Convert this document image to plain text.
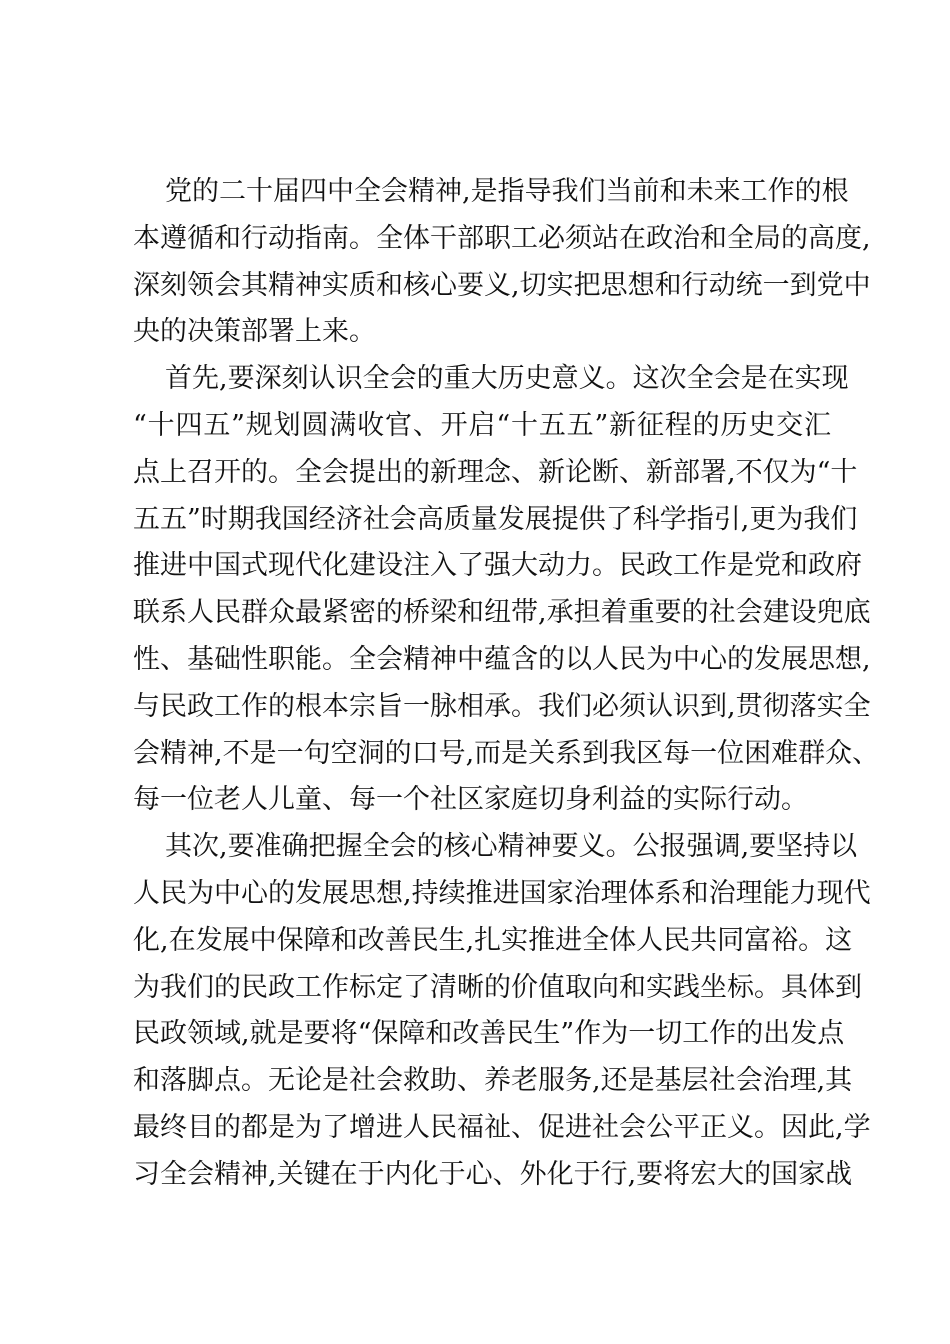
党的二十届四中全会精神,是指导我们当前和未来工作的根
本遵循和行动指南。全体干部职工必须站在政治和全局的高度,
深刻领会其精神实质和核心要义,切实把思想和行动统一到党中
央的决策部署上来。
首先,要深刻认识全会的重大历史意义。这次全会是在实现
“十四五”规划圆满收官、开启“十五五”新征程的历史交汇
点上召开的。全会提出的新理念、新论断、新部署,不仅为“十
五五”时期我国经济社会高质量发展提供了科学指引,更为我们
推进中国式现代化建设注入了强大动力。民政工作是党和政府
联系人民群众最紧密的桥梁和纽带,承担着重要的社会建设兜底
性、基础性职能。全会精神中蕴含的以人民为中心的发展思想,
与民政工作的根本宗旨一脉相承。我们必须认识到,贯彻落实全
会精神,不是一句空洞的口号,而是关系到我区每一位困难群众、
每一位老人儿童、每一个社区家庭切身利益的实际行动。
其次,要准确把握全会的核心精神要义。公报强调,要坚持以
人民为中心的发展思想,持续推进国家治理体系和治理能力现代
化,在发展中保障和改善民生,扎实推进全体人民共同富裕。这
为我们的民政工作标定了清晰的价值取向和实践坐标。具体到
民政领域,就是要将“保障和改善民生”作为一切工作的出发点
和落脚点。无论是社会救助、养老服务,还是基层社会治理,其
最终目的都是为了增进人民福祉、促进社会公平正义。因此,学
习全会精神,关键在于内化于心、外化于行,要将宏大的国家战
